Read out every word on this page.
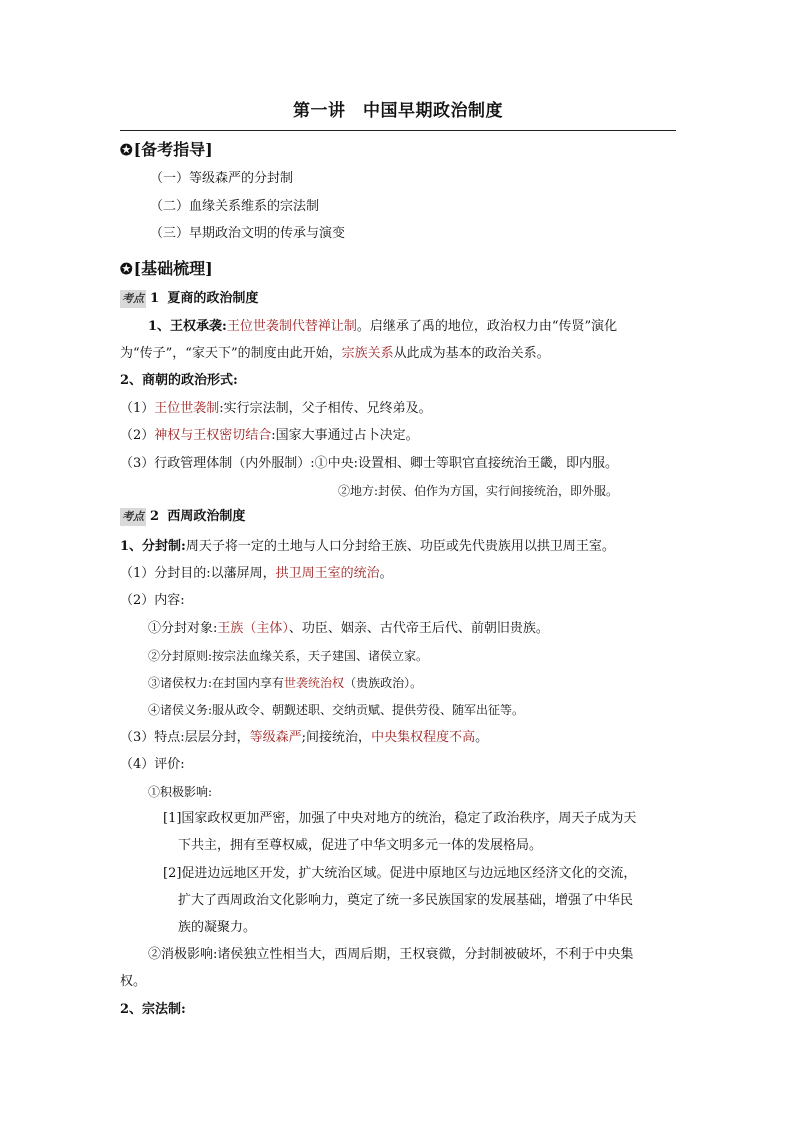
第一讲　中国早期政治制度
✪[备考指导]
（一）等级森严的分封制
（二）血缘关系维系的宗法制
（三）早期政治文明的传承与演变
✪[基础梳理]
考点 1 夏商的政治制度
1、王权承袭:王位世袭制代替禅让制。启继承了禹的地位，政治权力由“传贤”演化
为“传子”，“家天下”的制度由此开始，宗族关系从此成为基本的政治关系。
2、商朝的政治形式:
（1）王位世袭制:实行宗法制，父子相传、兄终弟及。
（2）神权与王权密切结合:国家大事通过占卜决定。
（3）行政管理体制（内外服制）:①中央:设置相、卿士等职官直接统治王畿，即内服。
②地方:封侯、伯作为方国，实行间接统治，即外服。
考点 2 西周政治制度
1、分封制:周天子将一定的土地与人口分封给王族、功臣或先代贵族用以拱卫周王室。
（1）分封目的:以藩屏周，拱卫周王室的统治。
（2）内容:
①分封对象:王族（主体）、功臣、姻亲、古代帝王后代、前朝旧贵族。
②分封原则:按宗法血缘关系，天子建国、诸侯立家。
③诸侯权力:在封国内享有世袭统治权（贵族政治）。
④诸侯义务:服从政令、朝觐述职、交纳贡赋、提供劳役、随军出征等。
（3）特点:层层分封，等级森严;间接统治，中央集权程度不高。
（4）评价:
①积极影响:
[1]国家政权更加严密，加强了中央对地方的统治，稳定了政治秩序，周天子成为天
下共主，拥有至尊权威，促进了中华文明多元一体的发展格局。
[2]促进边远地区开发，扩大统治区域。促进中原地区与边远地区经济文化的交流，
扩大了西周政治文化影响力，奠定了统一多民族国家的发展基础，增强了中华民
族的凝聚力。
②消极影响:诸侯独立性相当大，西周后期，王权衰微，分封制被破坏，不利于中央集
权。
2、宗法制:
